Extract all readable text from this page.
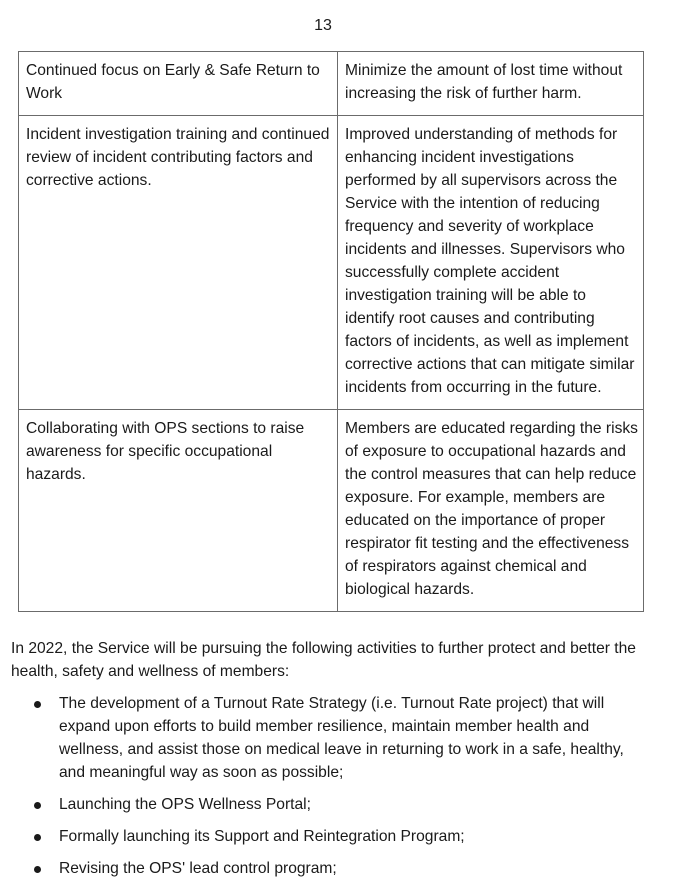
13
Continued focus on Early & Safe Return to Work	Minimize the amount of lost time without increasing the risk of further harm.
Incident investigation training and continued review of incident contributing factors and corrective actions.	Improved understanding of methods for enhancing incident investigations performed by all supervisors across the Service with the intention of reducing frequency and severity of workplace incidents and illnesses. Supervisors who successfully complete accident investigation training will be able to identify root causes and contributing factors of incidents, as well as implement corrective actions that can mitigate similar incidents from occurring in the future.
Collaborating with OPS sections to raise awareness for specific occupational hazards.	Members are educated regarding the risks of exposure to occupational hazards and the control measures that can help reduce exposure. For example, members are educated on the importance of proper respirator fit testing and the effectiveness of respirators against chemical and biological hazards.

In 2022, the Service will be pursuing the following activities to further protect and better the health, safety and wellness of members:

The development of a Turnout Rate Strategy (i.e. Turnout Rate project) that will expand upon efforts to build member resilience, maintain member health and wellness, and assist those on medical leave in returning to work in a safe, healthy, and meaningful way as soon as possible;
Launching the OPS Wellness Portal;
Formally launching its Support and Reintegration Program;
Revising the OPS' lead control program;
